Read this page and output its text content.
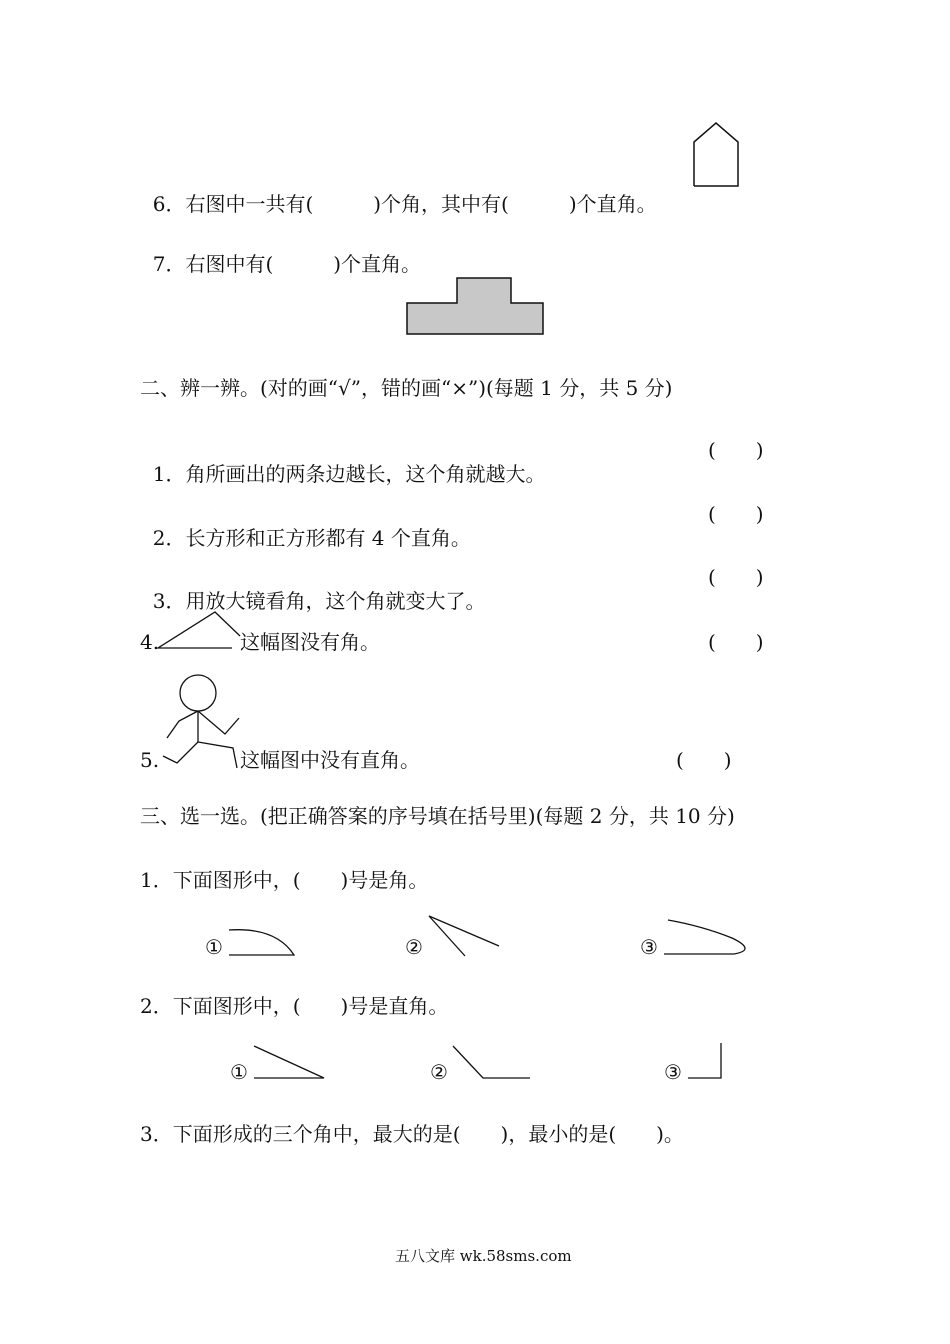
6．右图中一共有(　　　)个角，其中有(　　　)个直角。

7．右图中有(　　　)个直角。

二、辨一辨。(对的画“√”，错的画“×”)(每题 1 分，共 5 分)

1．角所画出的两条边越长，这个角就越大。

(　　)

2．长方形和正方形都有 4 个直角。

(　　)

3．用放大镜看角，这个角就变大了。

(　　)
4.	这幅图没有角。	(　　)
5.	这幅图中没有直角。	(　　)
三、选一选。(把正确答案的序号填在括号里)(每题 2 分，共 10 分)
1．下面图形中，(　　)号是角。
①	②	③
2．下面图形中，(　　)号是直角。
①	②	③
3．下面形成的三个角中，最大的是(　　)，最小的是(　　)。
五八文库 wk.58sms.com
